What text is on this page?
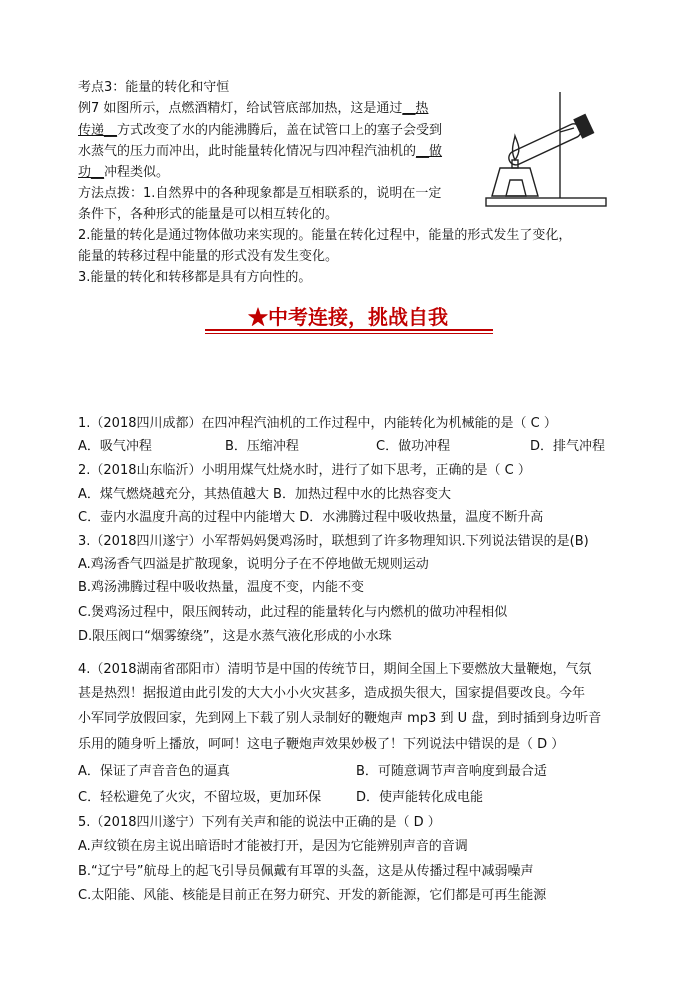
考点3：能量的转化和守恒
例7 如图所示，点燃酒精灯，给试管底部加热，这是通过__热
传递__方式改变了水的内能沸腾后，盖在试管口上的塞子会受到
水蒸气的压力而冲出，此时能量转化情况与四冲程汽油机的__做
功__冲程类似。
方法点拨：1.自然界中的各种现象都是互相联系的，说明在一定
条件下，各种形式的能量是可以相互转化的。
2.能量的转化是通过物体做功来实现的。能量在转化过程中，能量的形式发生了变化，
能量的转移过程中能量的形式没有发生变化。
3.能量的转化和转移都是具有方向性的。
★中考连接，挑战自我
1.（2018四川成都）在四冲程汽油机的工作过程中，内能转化为机械能的是（ C ）
A．吸气冲程	B．压缩冲程	C．做功冲程	D．排气冲程
2.（2018山东临沂）小明用煤气灶烧水时，进行了如下思考，正确的是（ C ）
A．煤气燃烧越充分，其热值越大 B．加热过程中水的比热容变大
C．壶内水温度升高的过程中内能增大 D．水沸腾过程中吸收热量，温度不断升高
3.（2018四川遂宁）小军帮妈妈煲鸡汤时，联想到了许多物理知识.下列说法错误的是(B)
A.鸡汤香气四溢是扩散现象，说明分子在不停地做无规则运动
B.鸡汤沸腾过程中吸收热量，温度不变，内能不变
C.煲鸡汤过程中，限压阀转动，此过程的能量转化与内燃机的做功冲程相似
D.限压阀口“烟雾缭绕”，这是水蒸气液化形成的小水珠
4.（2018湖南省邵阳市）清明节是中国的传统节日，期间全国上下要燃放大量鞭炮，气氛
甚是热烈！据报道由此引发的大大小小火灾甚多，造成损失很大，国家提倡要改良。今年
小军同学放假回家，先到网上下载了别人录制好的鞭炮声 mp3 到 U 盘，到时插到身边听音
乐用的随身听上播放，呵呵！这电子鞭炮声效果妙极了！下列说法中错误的是（ D ）
A．保证了声音音色的逼真	B．可随意调节声音响度到最合适
C．轻松避免了火灾，不留垃圾，更加环保	D．使声能转化成电能
5.（2018四川遂宁）下列有关声和能的说法中正确的是（ D ）
A.声纹锁在房主说出暗语时才能被打开，是因为它能辨别声音的音调
B.“辽宁号”航母上的起飞引导员佩戴有耳罩的头盔，这是从传播过程中减弱噪声
C.太阳能、风能、核能是目前正在努力研究、开发的新能源，它们都是可再生能源
